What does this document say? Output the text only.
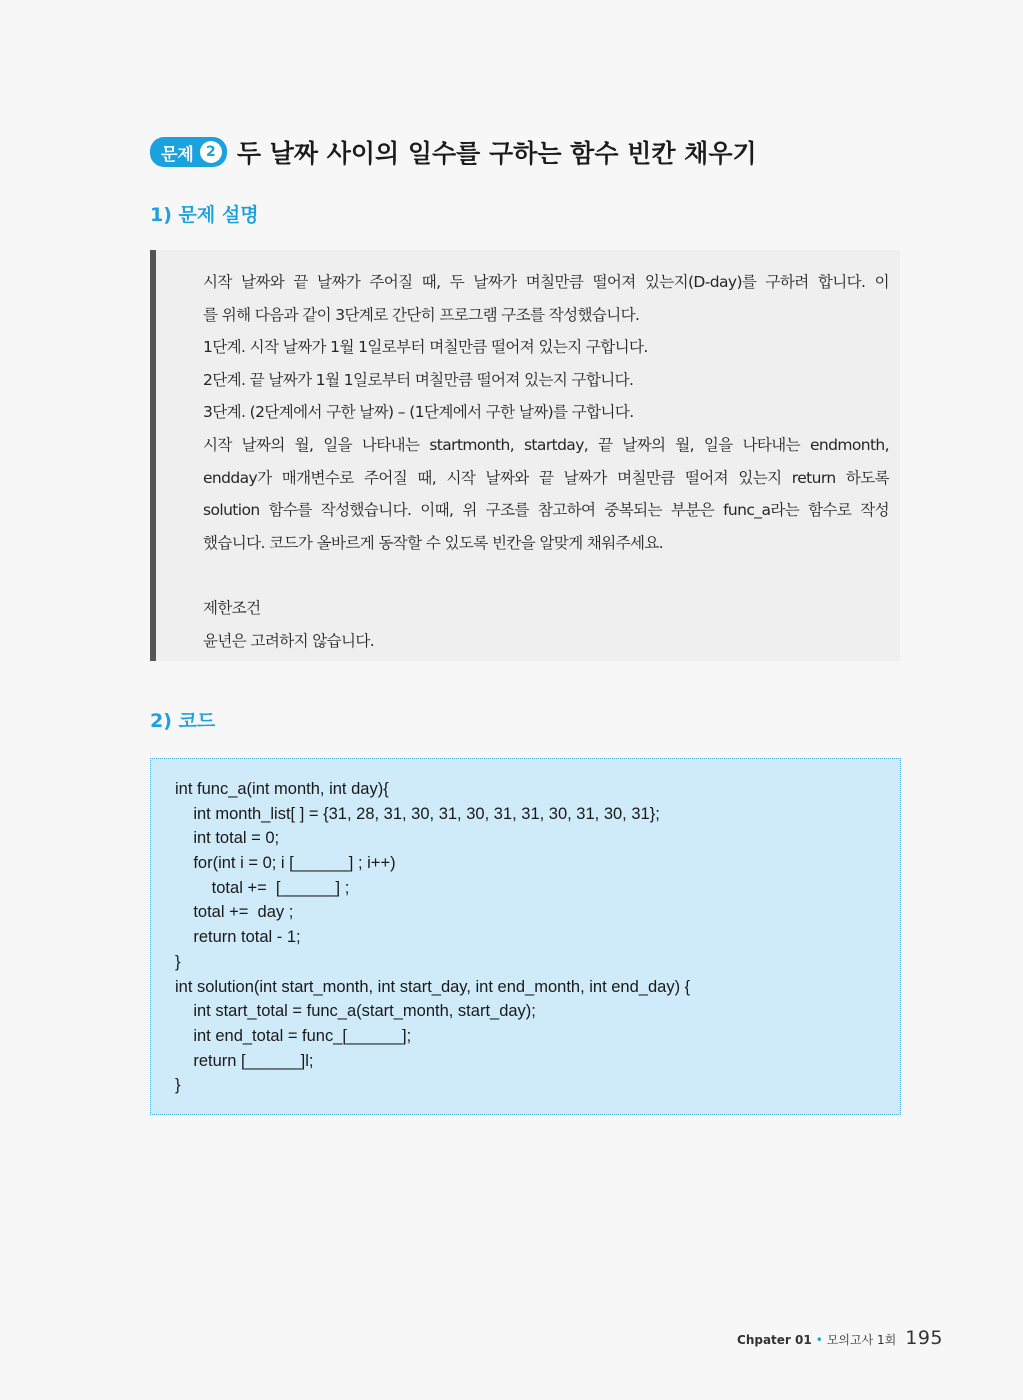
문제 2 두 날짜 사이의 일수를 구하는 함수 빈칸 채우기
1) 문제 설명
시작 날짜와 끝 날짜가 주어질 때, 두 날짜가 며칠만큼 떨어져 있는지(D-day)를 구하려 합니다. 이
를 위해 다음과 같이 3단계로 간단히 프로그램 구조를 작성했습니다.
1단계. 시작 날짜가 1월 1일로부터 며칠만큼 떨어져 있는지 구합니다.
2단계. 끝 날짜가 1월 1일로부터 며칠만큼 떨어져 있는지 구합니다.
3단계. (2단계에서 구한 날짜) – (1단계에서 구한 날짜)를 구합니다.
시작 날짜의 월, 일을 나타내는 startmonth, startday, 끝 날짜의 월, 일을 나타내는 endmonth,
endday가 매개변수로 주어질 때, 시작 날짜와 끝 날짜가 며칠만큼 떨어져 있는지 return 하도록
solution 함수를 작성했습니다. 이때, 위 구조를 참고하여 중복되는 부분은 func_a라는 함수로 작성
했습니다. 코드가 올바르게 동작할 수 있도록 빈칸을 알맞게 채워주세요.
제한조건
윤년은 고려하지 않습니다.
2) 코드
int func_a(int month, int day){
int month_list[ ] = {31, 28, 31, 30, 31, 30, 31, 31, 30, 31, 30, 31};
int total = 0;
for(int i = 0; i [______] ; i++)
total +=  [______] ;
total +=  day ;
return total - 1;
}
int solution(int start_month, int start_day, int end_month, int end_day) {
int start_total = func_a(start_month, start_day);
int end_total = func_[______];
return [______]l;
}
Chpater 01 • 모의고사 1회 195
